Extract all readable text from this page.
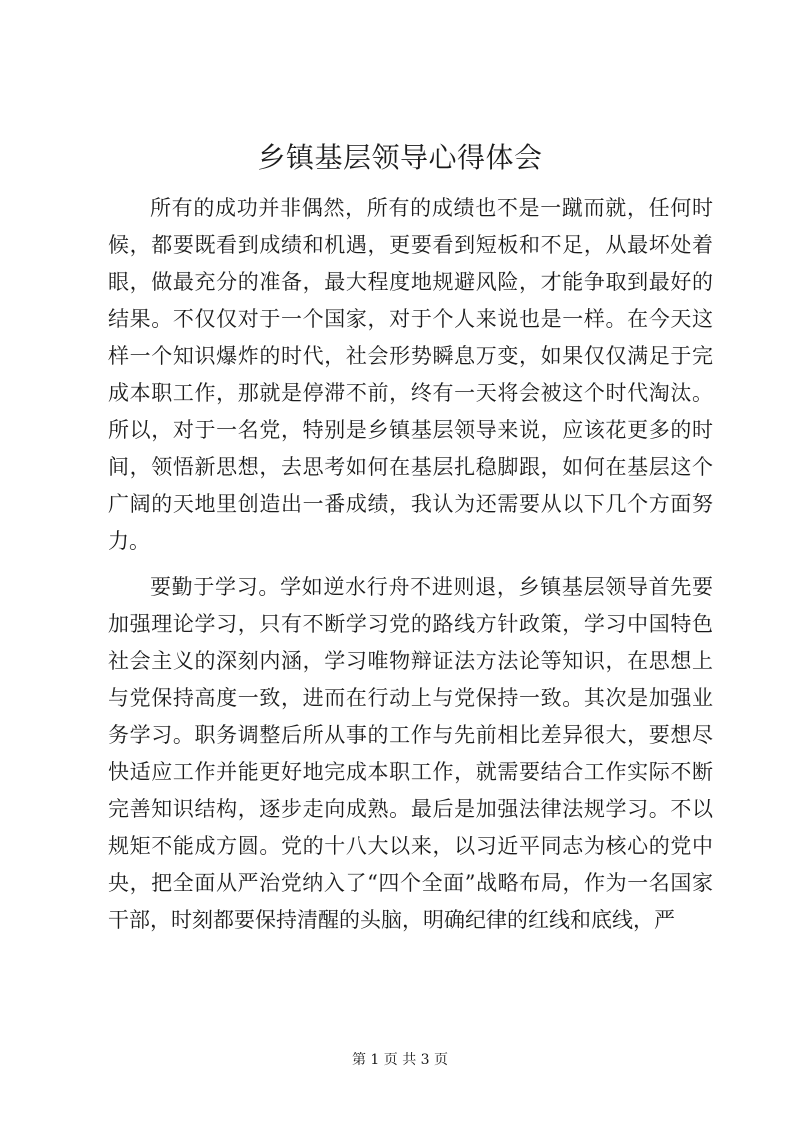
乡镇基层领导心得体会

所有的成功并非偶然，所有的成绩也不是一蹴而就，任何时候，都要既看到成绩和机遇，更要看到短板和不足，从最坏处着眼，做最充分的准备，最大程度地规避风险，才能争取到最好的结果。不仅仅对于一个国家，对于个人来说也是一样。在今天这样一个知识爆炸的时代，社会形势瞬息万变，如果仅仅满足于完成本职工作，那就是停滞不前，终有一天将会被这个时代淘汰。所以，对于一名党，特别是乡镇基层领导来说，应该花更多的时间，领悟新思想，去思考如何在基层扎稳脚跟，如何在基层这个广阔的天地里创造出一番成绩，我认为还需要从以下几个方面努力。

要勤于学习。学如逆水行舟不进则退，乡镇基层领导首先要加强理论学习，只有不断学习党的路线方针政策，学习中国特色社会主义的深刻内涵，学习唯物辩证法方法论等知识，在思想上与党保持高度一致，进而在行动上与党保持一致。其次是加强业务学习。职务调整后所从事的工作与先前相比差异很大，要想尽快适应工作并能更好地完成本职工作，就需要结合工作实际不断完善知识结构，逐步走向成熟。最后是加强法律法规学习。不以规矩不能成方圆。党的十八大以来，以习近平同志为核心的党中央，把全面从严治党纳入了“四个全面”战略布局，作为一名国家干部，时刻都要保持清醒的头脑，明确纪律的红线和底线，严

第 1 页 共 3 页
